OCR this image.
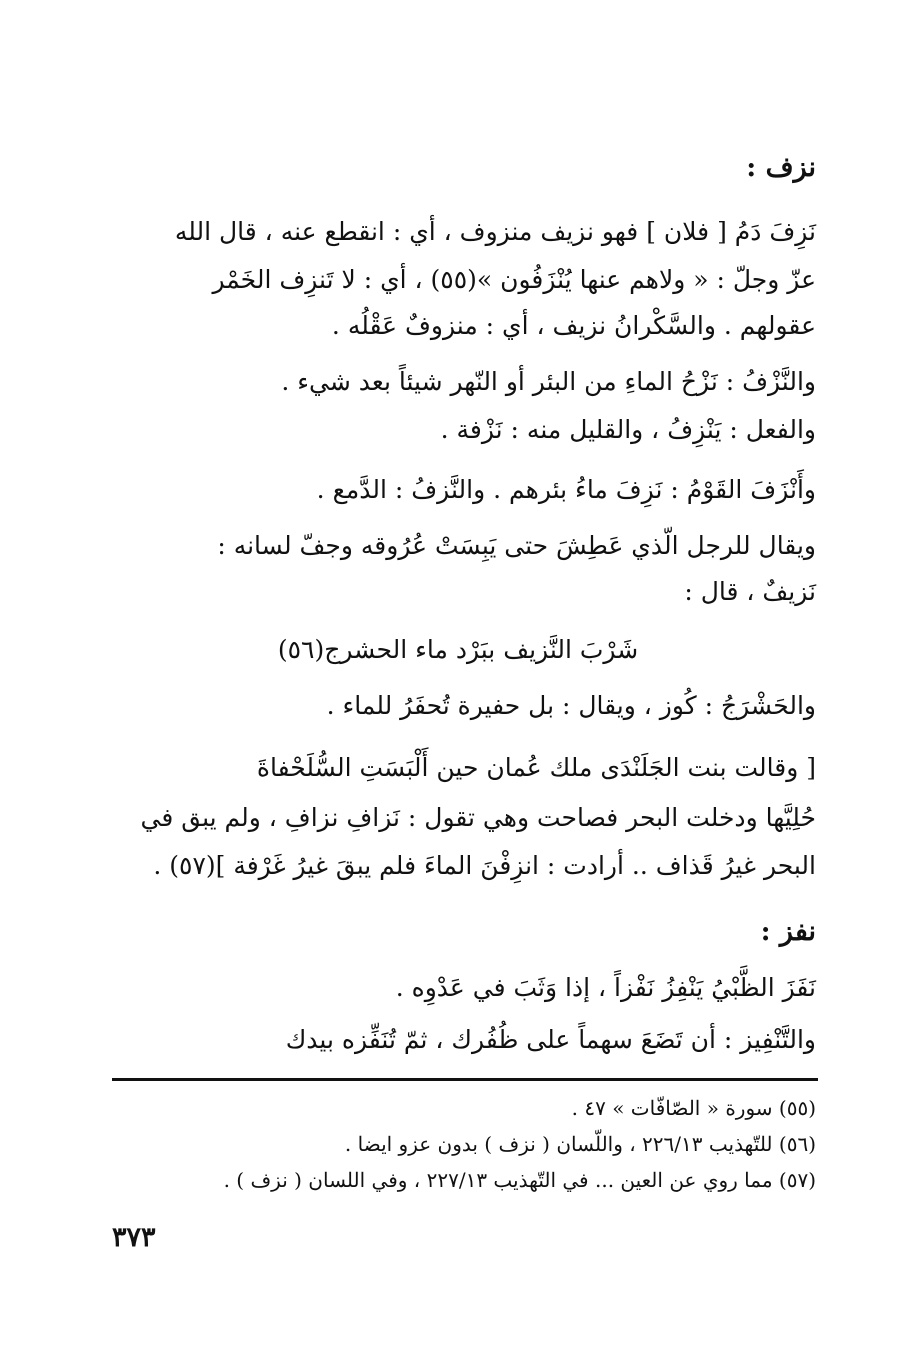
نزف :
نَزِفَ دَمُ [ فلان ] فهو نزيف منزوف ، أي : انقطع عنه ، قال الله
عزّ وجلّ : « ولاهم عنها يُنْزَفُون »(٥٥) ، أي : لا تَنزِف الخَمْر
عقولهم . والسَّكْرانُ نزيف ، أي : منزوفٌ عَقْلُه .
والنَّزْفُ : نَزْحُ الماءِ من البئر أو النّهر شيئاً بعد شيء .
والفعل : يَنْزِفُ ، والقليل منه : نَزْفة .
وأَنْزَفَ القَوْمُ : نَزِفَ ماءُ بئرهم . والنَّزفُ : الدَّمع .
ويقال للرجل الّذي عَطِشَ حتى يَبِسَتْ عُرُوقه وجفّ لسانه :
نَزيفٌ ، قال :
شَرْبَ النَّزيف ببَرْد ماء الحشرج(٥٦)
والحَشْرَجُ : كُوز ، ويقال : بل حفيرة تُحفَرُ للماء .
[ وقالت بنت الجَلَنْدَى ملك عُمان حين أَلْبَسَتِ السُّلَحْفاةَ
حُلِيَّها ودخلت البحر فصاحت وهي تقول : نَزافِ نزافِ ، ولم يبق في
البحر غيرُ قَذاف .. أرادت : انزِفْنَ الماءَ فلم يبقَ غيرُ غَرْفة ](٥٧) .
نفز :
نَفَزَ الظَّبْيُ يَنْفِزُ نَفْزاً ، إذا وَثَبَ في عَدْوِه .
والتَّنْفِيز : أن تَضَعَ سهماً على ظُفُرك ، ثمّ تُنَفِّزه بيدك
(٥٥) سورة « الصّافّات » ٤٧ .
(٥٦) للتّهذيب ٢٢٦/١٣ ، واللّسان ( نزف ) بدون عزو ايضا .
(٥٧) مما روي عن العين ... في التّهذيب ٢٢٧/١٣ ، وفي اللسان ( نزف ) .
٣٧٣
